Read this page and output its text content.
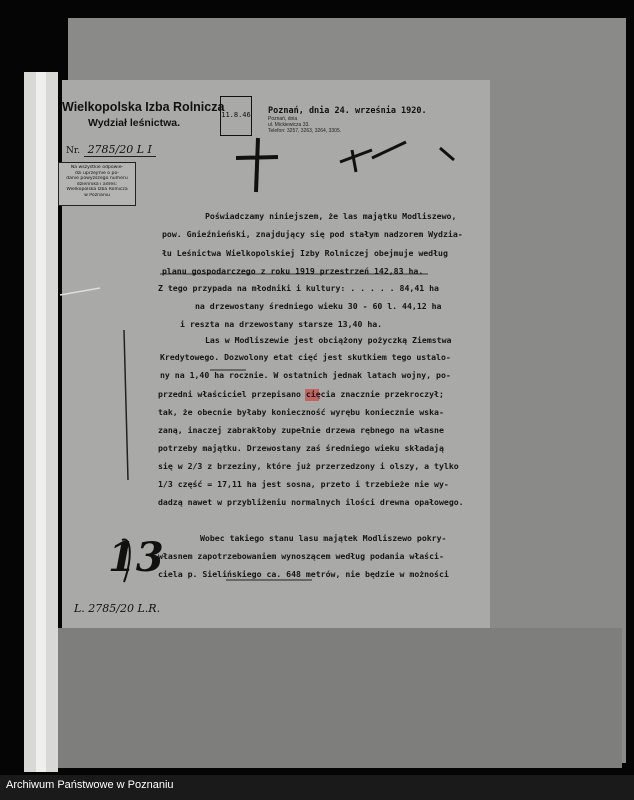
Wielkopolska Izba Rolnicza
Wydział leśnictwa.
Nr. 2785/20 L I
Na wszystkie odpowie-
dzi uprzejmie o po-
danie powyższego numeru
dziennika i adres:
Wielkopolska Izba Rolnicza
w Poznaniu
11.8.46 Poznań, dnia 24. września 1920.
Poznań, dnia
ul. Mickiewicza 33.
Telefon: 3257, 3263, 3264, 3305.
Poświadczamy niniejszem, że las majątku Modliszewo,
pow. Gnieźnieński, znajdujący się pod stałym nadzorem Wydzia-
łu Leśnictwa Wielkopolskiej Izby Rolniczej obejmuje według
planu gospodarczego z roku 1919 przestrzeń 142,83 ha.
Z tego przypada na młodniki i kultury: . . . . . 84,41 ha
na drzewostany średniego wieku 30 - 60 l. 44,12 ha
i reszta na drzewostany starsze 13,40 ha.
Las w Modliszewie jest obciążony pożyczką Ziemstwa
Kredytowego. Dozwolony etat cięć jest skutkiem tego ustalo-
ny na 1,40 ha rocznie. W ostatnich jednak latach wojny, po-
przedni właściciel przepisano cięcia znacznie przekroczył;
tak, że obecnie byłaby konieczność wyrębu koniecznie wska-
zaną, inaczej zabrakłoby zupełnie drzewa rębnego na własne
potrzeby majątku. Drzewostany zaś średniego wieku składają
się w 2/3 z brzeziny, które już przerzedzony i olszy, a tylko
1/3 część = 17,11 ha jest sosna, przeto i trzebieże nie wy-
dadzą nawet w przybliżeniu normalnych ilości drewna opałowego.
Wobec takiego stanu lasu majątek Modliszewo pokry-
własnem zapotrzebowaniem wynoszącem według podania właści-
ciela p. Sielińskiego ca. 648 metrów, nie będzie w możności
13
L. 2785/20 L.R.
Archiwum Państwowe w Poznaniu
